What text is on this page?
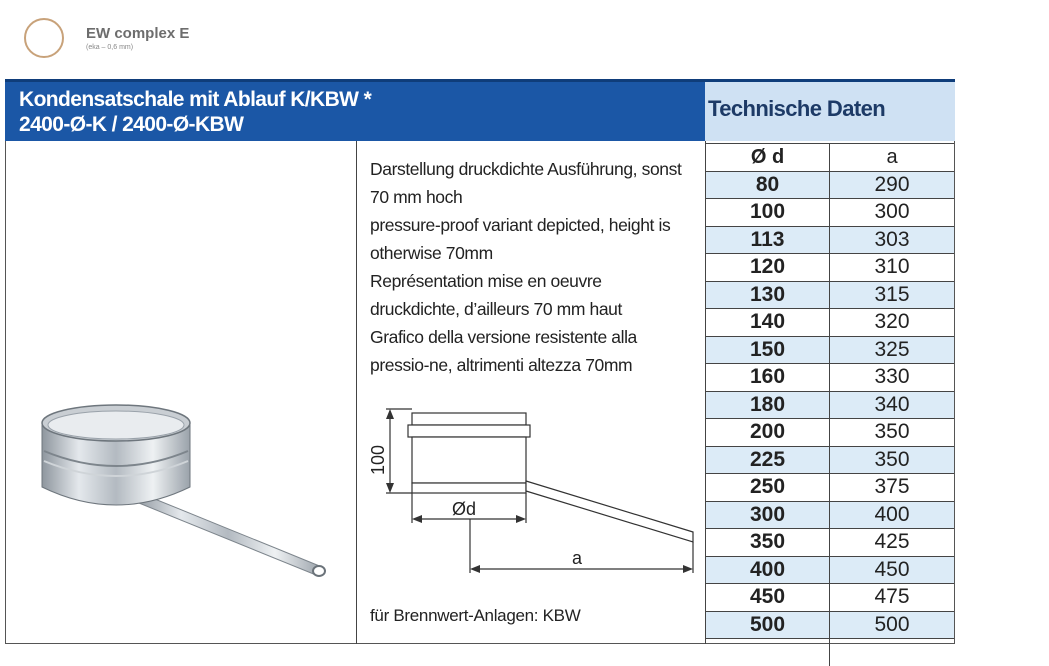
EW complex E
(eka – 0,6 mm)
Kondensatschale mit Ablauf K/KBW *
2400-Ø-K / 2400-Ø-KBW
Technische Daten

Darstellung druckdichte Ausführung, sonst 70 mm hoch

pressure-proof variant depicted, height is otherwise 70mm

Représentation mise en oeuvre druckdichte, d’ailleurs 70 mm haut

Grafico della versione resistente alla pressio-ne, altrimenti altezza 70mm

100
Ød
a
für Brennwert-Anlagen: KBW
Ø d	a
80	290
100	300
113	303
120	310
130	315
140	320
150	325
160	330
180	340
200	350
225	350
250	375
300	400
350	425
400	450
450	475
500	500
